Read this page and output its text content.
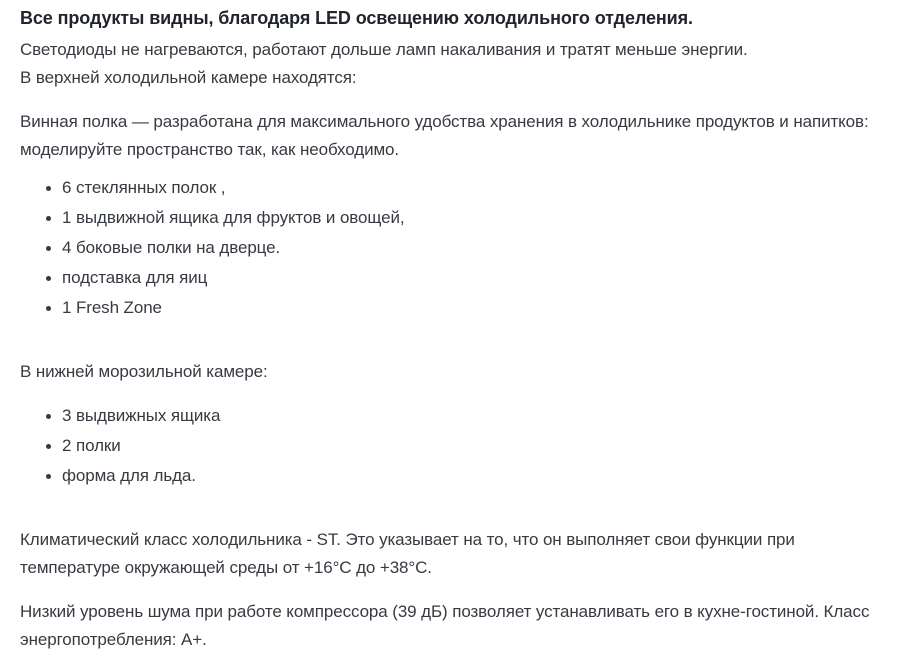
Все продукты видны, благодаря LED освещению холодильного отделения.

Светодиоды не нагреваются, работают дольше ламп накаливания и тратят меньше энергии.

В верхней холодильной камере находятся:

Винная полка — разработана для максимального удобства хранения в холодильнике продуктов и напитков: моделируйте пространство так, как необходимо.

6 стеклянных полок ,
1 выдвижной ящика для фруктов и овощей,
4 боковые полки на дверце.
подставка для яиц
1 Fresh Zone

В нижней морозильной камере:

3 выдвижных ящика
2 полки
форма для льда.

Климатический класс холодильника - ST. Это указывает на то, что он выполняет свои функции при температуре окружающей среды от +16°С до +38°С.

Низкий уровень шума при работе компрессора (39 дБ) позволяет устанавливать его в кухне-гостиной. Класс энергопотребления: А+.
